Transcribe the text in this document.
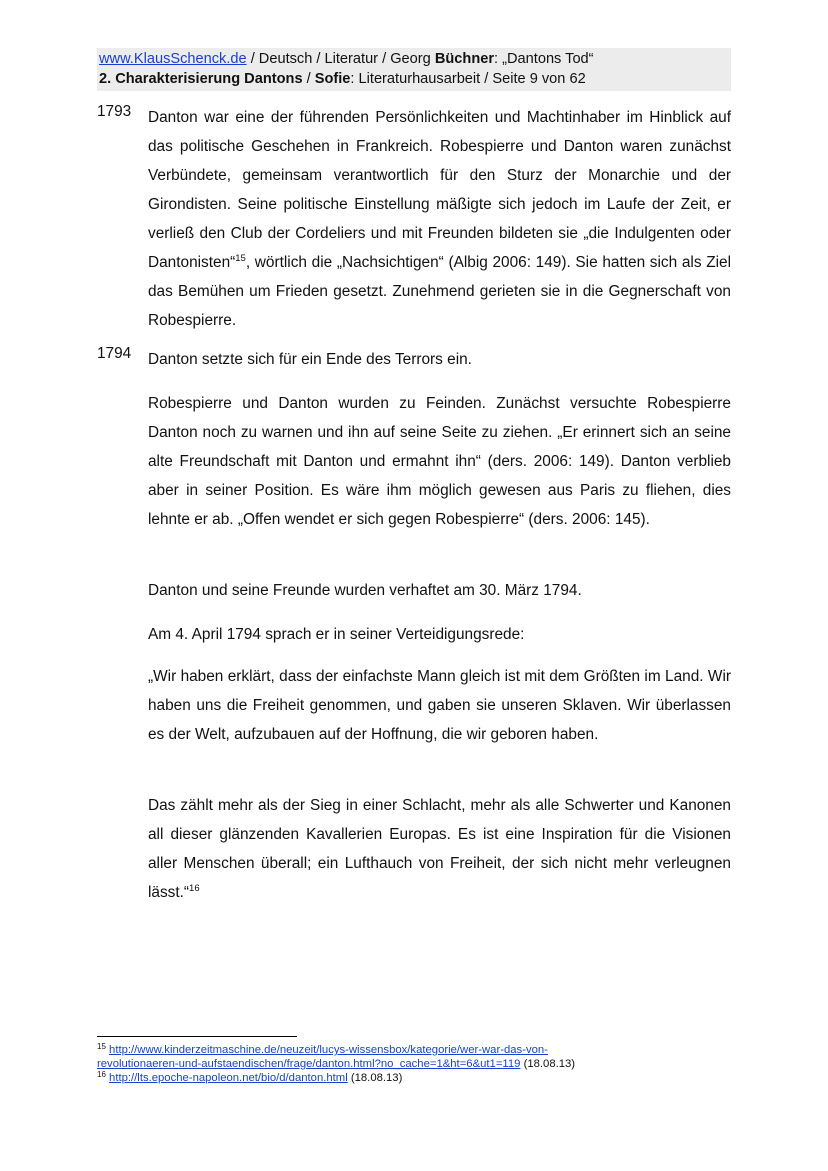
www.KlausSchenck.de / Deutsch / Literatur / Georg Büchner: „Dantons Tod“
2. Charakterisierung Dantons / Sofie: Literaturhausarbeit / Seite 9 von 62
1793	Danton war eine der führenden Persönlichkeiten und Machtinhaber im Hinblick auf das politische Geschehen in Frankreich. Robespierre und Danton waren zunächst Verbündete, gemeinsam verantwortlich für den Sturz der Monarchie und der Girondisten. Seine politische Einstellung mäßigte sich jedoch im Laufe der Zeit, er verließ den Club der Cordeliers und mit Freunden bildeten sie „die Indulgenten oder Dantonisten“$^{15}$, wörtlich die „Nachsichtigen“ (Albig 2006: 149). Sie hatten sich als Ziel das Bemühen um Frieden gesetzt. Zunehmend gerieten sie in die Gegnerschaft von Robespierre.

1794	Danton setzte sich für ein Ende des Terrors ein.

Robespierre und Danton wurden zu Feinden. Zunächst versuchte Robespierre Danton noch zu warnen und ihn auf seine Seite zu ziehen. „Er erinnert sich an seine alte Freundschaft mit Danton und ermahnt ihn“ (ders. 2006: 149). Danton verblieb aber in seiner Position. Es wäre ihm möglich gewesen aus Paris zu fliehen, dies lehnte er ab. „Offen wendet er sich gegen Robespierre“ (ders. 2006: 145).

Danton und seine Freunde wurden verhaftet am 30. März 1794.

Am 4. April 1794 sprach er in seiner Verteidigungsrede:

„Wir haben erklärt, dass der einfachste Mann gleich ist mit dem Größten im Land. Wir haben uns die Freiheit genommen, und gaben sie unseren Sklaven. Wir überlassen es der Welt, aufzubauen auf der Hoffnung, die wir geboren haben.

Das zählt mehr als der Sieg in einer Schlacht, mehr als alle Schwerter und Kanonen all dieser glänzenden Kavallerien Europas. Es ist eine Inspiration für die Visionen aller Menschen überall; ein Lufthauch von Freiheit, der sich nicht mehr verleugnen lässt.“$^{16}$

$^{15}$ http://www.kinderzeitmaschine.de/neuzeit/lucys-wissensbox/kategorie/wer-war-das-von-
revolutionaeren-und-aufstaendischen/frage/danton.html?no_cache=1&ht=6&ut1=119 (18.08.13)
$^{16}$ http://lts.epoche-napoleon.net/bio/d/danton.html (18.08.13)
